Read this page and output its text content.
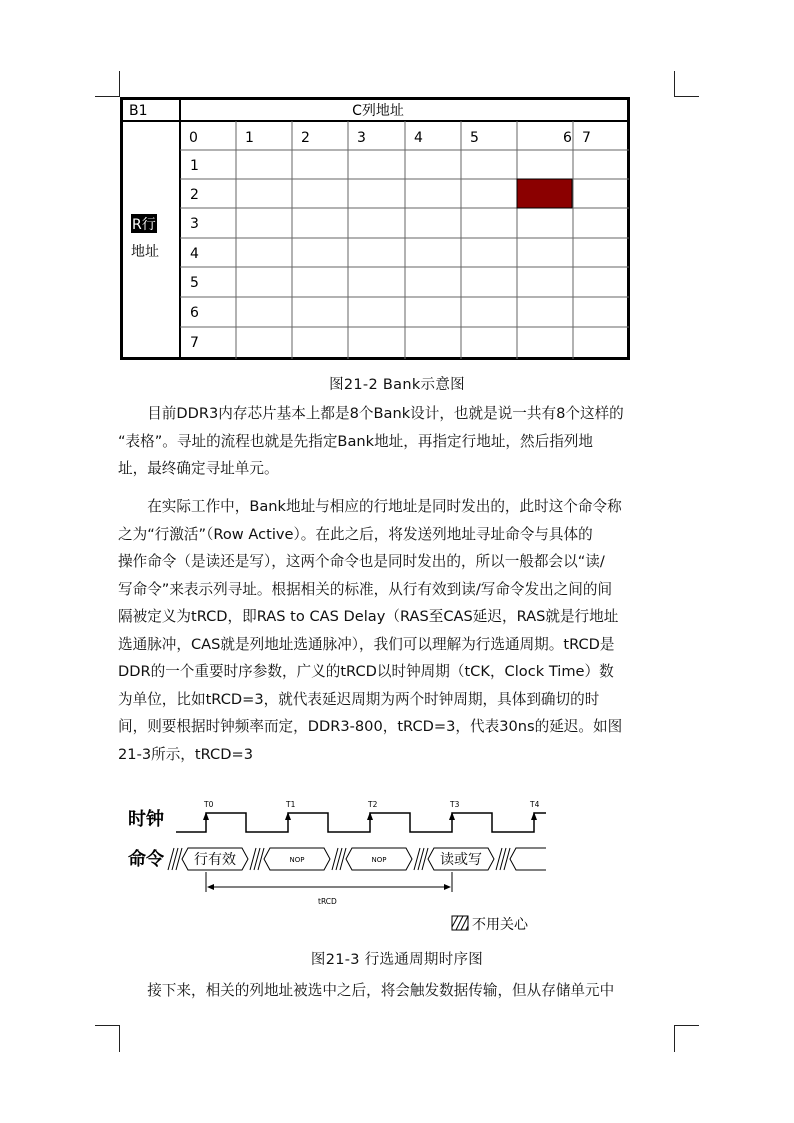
B1	C列地址
R行
地址
0	1	2	3	4	5	6 7
1
2
3
4
5
6
7
图21-2 Bank示意图
目前DDR3内存芯片基本上都是8个Bank设计，也就是说一共有8个这样的
“表格”。寻址的流程也就是先指定Bank地址，再指定行地址，然后指列地
址，最终确定寻址单元。
在实际工作中，Bank地址与相应的行地址是同时发出的，此时这个命令称
之为“行激活”（Row Active）。在此之后，将发送列地址寻址命令与具体的
操作命令（是读还是写），这两个命令也是同时发出的，所以一般都会以“读/
写命令”来表示列寻址。根据相关的标准，从行有效到读/写命令发出之间的间
隔被定义为tRCD，即RAS to CAS Delay（RAS至CAS延迟，RAS就是行地址
选通脉冲，CAS就是列地址选通脉冲），我们可以理解为行选通周期。tRCD是
DDR的一个重要时序参数，广义的tRCD以时钟周期（tCK，Clock Time）数
为单位，比如tRCD=3，就代表延迟周期为两个时钟周期，具体到确切的时
间，则要根据时钟频率而定，DDR3-800，tRCD=3，代表30ns的延迟。如图
21-3所示，tRCD=3
时钟
命令
T0	T1	T2	T3	T4
行有效	NOP	NOP	读或写
tRCD
不用关心
图21-3 行选通周期时序图
接下来，相关的列地址被选中之后，将会触发数据传输，但从存储单元中
